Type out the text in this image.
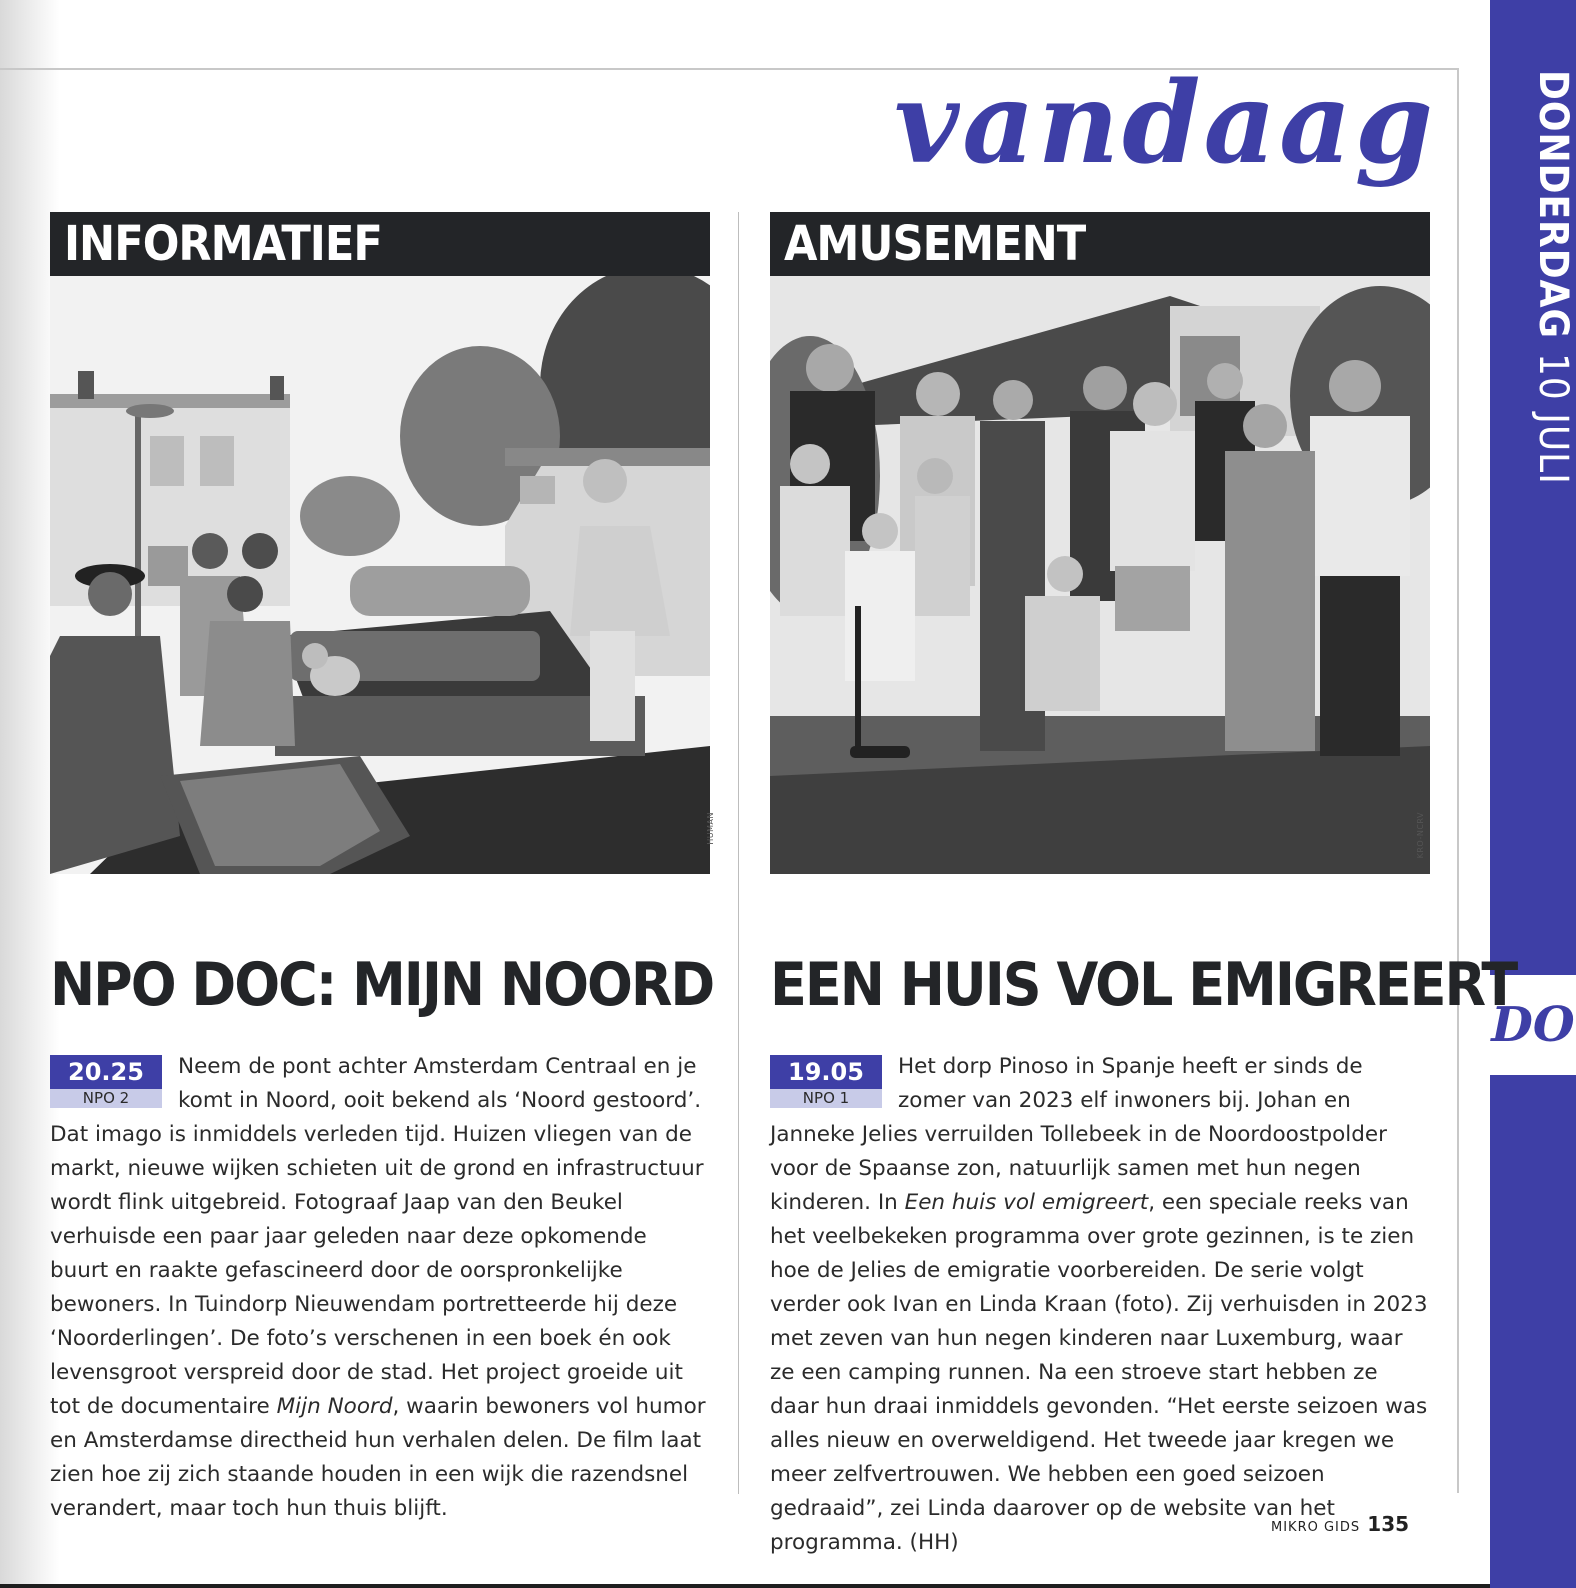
vandaag DONDERDAG
10 JULI
DO
INFORMATIEF
HUMAN
AMUSEMENT
KRO-NCRV
NPO DOC: MIJN NOORD EEN HUIS VOL EMIGREERT
20.25
NPO 2

Neem de pont achter Amsterdam Centraal en je komt in Noord, ooit bekend als ‘Noord gestoord’. Dat imago is inmiddels verleden tijd. Huizen vliegen van de markt, nieuwe wijken schieten uit de grond en infrastructuur wordt flink uitgebreid. Fotograaf Jaap van den Beukel verhuisde een paar jaar geleden naar deze opkomende buurt en raakte gefascineerd door de oorspronkelijke bewoners. In Tuindorp Nieuwendam portretteerde hij deze ‘Noorderlingen’. De foto’s verschenen in een boek én ook levensgroot verspreid door de stad. Het project groeide uit tot de documentaire Mijn Noord, waarin bewoners vol humor en Amsterdamse directheid hun verhalen delen. De film laat zien hoe zij zich staande houden in een wijk die razendsnel verandert, maar toch hun thuis blijft.

19.05
NPO 1

Het dorp Pinoso in Spanje heeft er sinds de zomer van 2023 elf inwoners bij. Johan en Janneke Jelies verruilden Tollebeek in de Noordoostpolder voor de Spaanse zon, natuurlijk samen met hun negen kinderen. In Een huis vol emigreert, een speciale reeks van het veelbekeken programma over grote gezinnen, is te zien hoe de Jelies de emigratie voorbereiden. De serie volgt verder ook Ivan en Linda Kraan (foto). Zij verhuisden in 2023 met zeven van hun negen kinderen naar Luxemburg, waar ze een camping runnen. Na een stroeve start hebben ze daar hun draai inmiddels gevonden. “Het eerste seizoen was alles nieuw en overweldigend. Het tweede jaar kregen we meer zelfvertrouwen. We hebben een goed seizoen gedraaid”, zei Linda daarover op de website van het programma. (HH)

MIKRO GIDS 135
